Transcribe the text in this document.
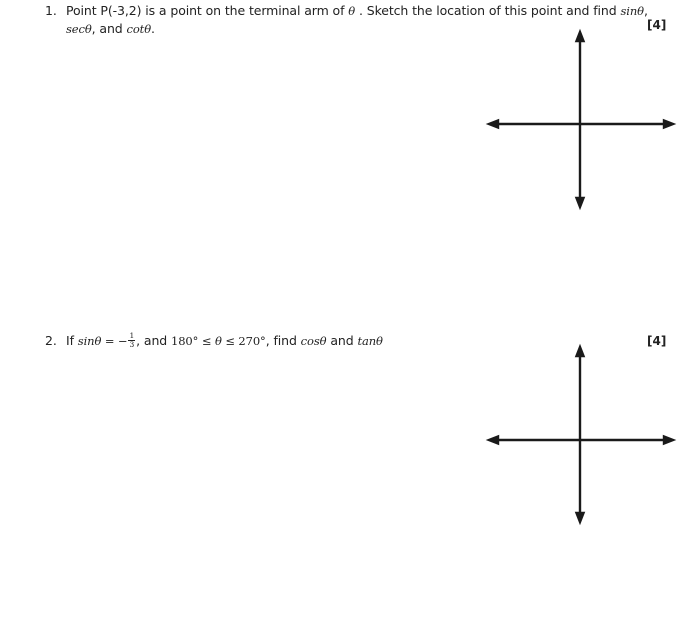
1. Point P(-3,2) is a point on the terminal arm of θ . Sketch the location of this point and find sinθ,
secθ, and cotθ.	[4]
2. If sinθ = − $\frac{1}{3}$ , and 180° ≤ θ ≤ 270°, find cosθ and tanθ	[4]
